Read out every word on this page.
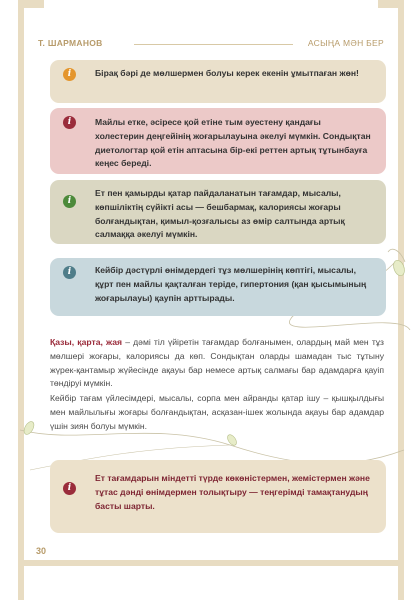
Т. ШАРМАНОВ	АСЫҢА МӘН БЕР
i	Бірақ бәрі де мөлшермен болуы керек екенін ұмытпаған жөн!
i	Майлы етке, әсіресе қой етіне тым әуестену қандағы холестерин деңгейінің жоғарылауына әкелуі мүмкін. Сондықтан диетологтар қой етін аптасына бір-екі реттен артық тұтынбауға кеңес береді.
i
Ет пен қамырды қатар пайдаланатын тағамдар, мысалы, көпшіліктің сүйікті асы — бешбармақ, калориясы жоғары болғандықтан, қимыл-қозғалысы аз өмір салтында артық салмаққа әкелуі мүмкін.
i	Кейбір дәстүрлі өнімдердегі тұз мөлшерінің көптігі, мысалы, құрт пен майлы қақталған теріде, гипертония (қан қысымының жоғарылауы) қаупін арттырады.

Қазы, қарта, жая – дәмі тіл үйіретін тағамдар болғанымен, олардың май мен тұз мөлшері жоғары, калориясы да көп. Сондықтан оларды шамадан тыс тұтыну жүрек-қантамыр жүйесінде ақауы бар немесе артық салмағы бар адамдарға қауіп төндіруі мүмкін.

Кейбір тағам үйлесімдері, мысалы, сорпа мен айранды қатар ішу – қышқылдығы мен майлылығы жоғары болғандықтан, асқазан-ішек жолында ақауы бар адамдар үшін зиян болуы мүмкін.

i
Ет тағамдарын міндетті түрде көкөністермен, жемістермен және тұтас дәнді өнімдермен толықтыру — теңгерімді тамақтанудың басты шарты.
30
